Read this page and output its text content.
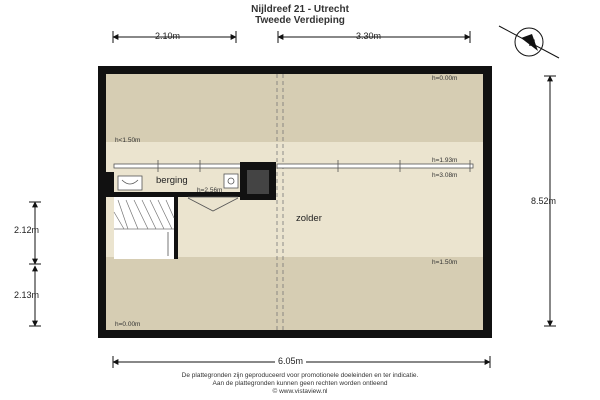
Nijldreef 21 - Utrecht
Tweede Verdieping
N
2.10m	3.30m
8.52m
2.12m
2.13m
6.05m
berging
zolder
h=0.00m
h<1.50m
h=1.93m
h=3.08m
h=2.56m
h=1.50m
h=0.00m
De plattegronden zijn geproduceerd voor promotionele doeleinden en ter indicatie.
Aan de plattegronden kunnen geen rechten worden ontleend
© www.vistaview.nl
